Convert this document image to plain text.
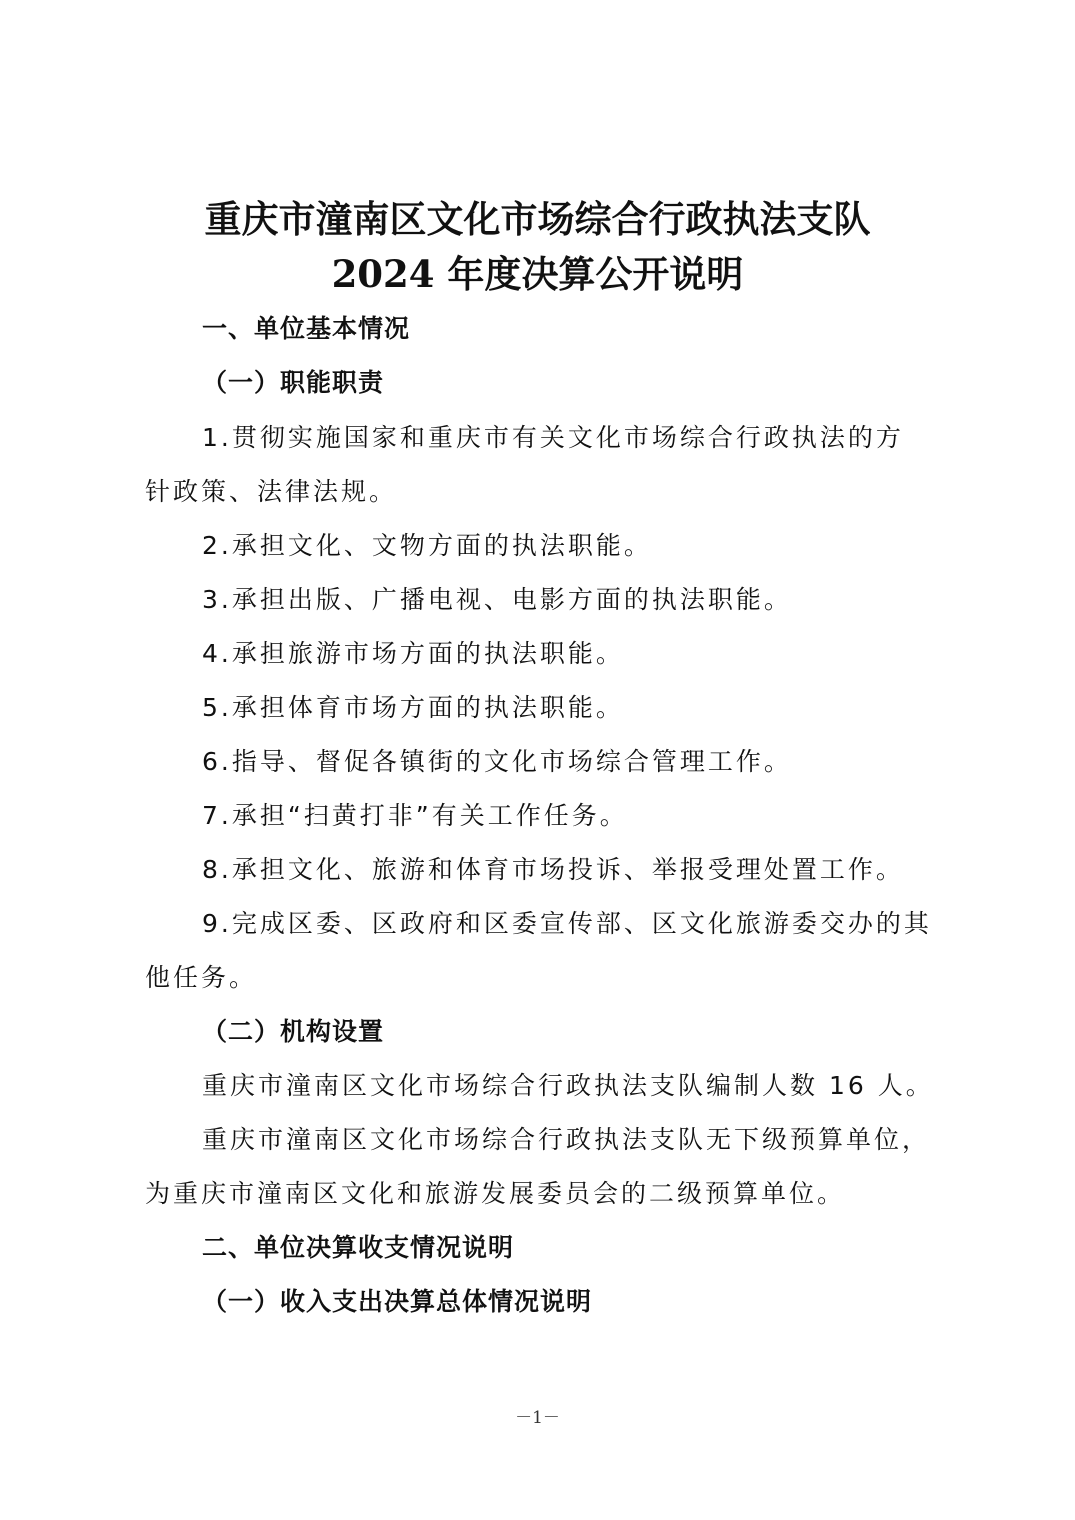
重庆市潼南区文化市场综合行政执法支队
2024 年度决算公开说明
一、单位基本情况
（一）职能职责
1.贯彻实施国家和重庆市有关文化市场综合行政执法的方
针政策、法律法规。
2.承担文化、文物方面的执法职能。
3.承担出版、广播电视、电影方面的执法职能。
4.承担旅游市场方面的执法职能。
5.承担体育市场方面的执法职能。
6.指导、督促各镇街的文化市场综合管理工作。
7.承担“扫黄打非”有关工作任务。
8.承担文化、旅游和体育市场投诉、举报受理处置工作。
9.完成区委、区政府和区委宣传部、区文化旅游委交办的其
他任务。
（二）机构设置
重庆市潼南区文化市场综合行政执法支队编制人数 16 人。
重庆市潼南区文化市场综合行政执法支队无下级预算单位，
为重庆市潼南区文化和旅游发展委员会的二级预算单位。
二、单位决算收支情况说明
（一）收入支出决算总体情况说明
－1－
